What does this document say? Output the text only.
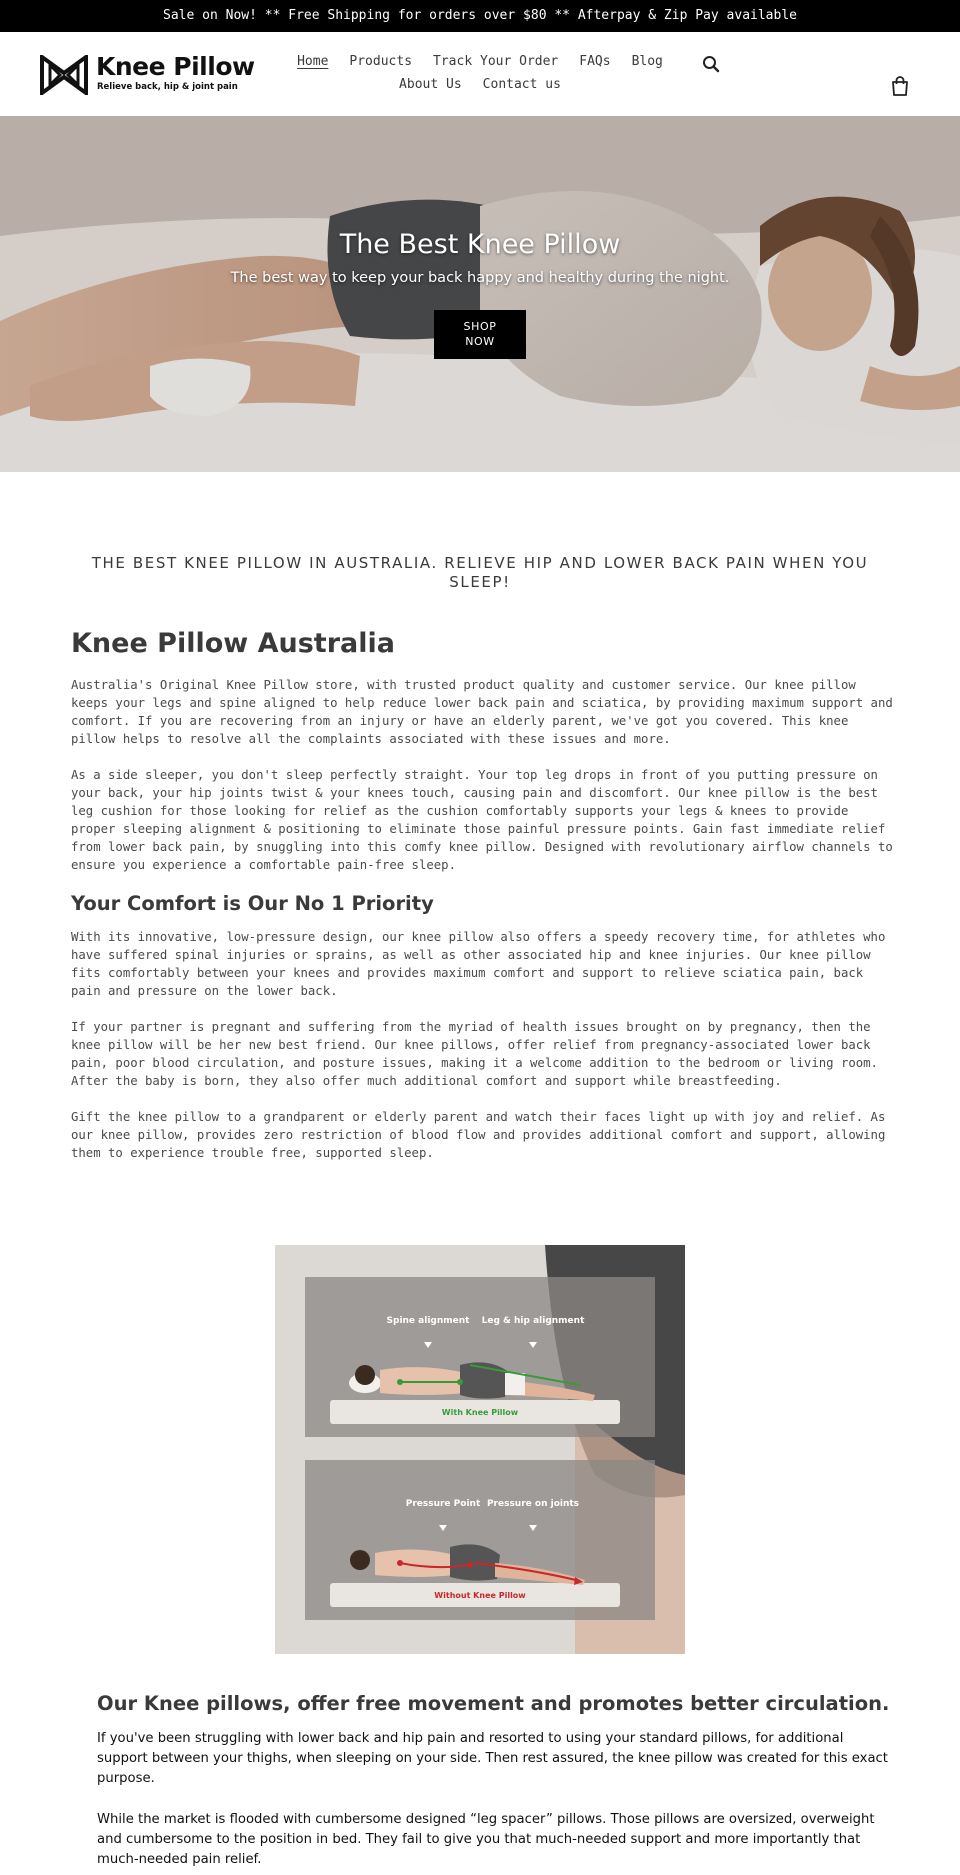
Sale on Now! ** Free Shipping for orders over $80 ** Afterpay & Zip Pay available
Knee Pillow
Relieve back, hip & joint pain
Home Products Track Your Order FAQs Blog
About Us Contact us
The Best Knee Pillow
The best way to keep your back happy and healthy during the night.
SHOP
NOW
THE BEST KNEE PILLOW IN AUSTRALIA. RELIEVE HIP AND LOWER BACK PAIN WHEN YOU SLEEP!
Knee Pillow Australia

Australia's Original Knee Pillow store, with trusted product quality and customer service. Our knee pillow keeps your legs and spine aligned to help reduce lower back pain and sciatica, by providing maximum support and comfort. If you are recovering from an injury or have an elderly parent, we've got you covered. This knee pillow helps to resolve all the complaints associated with these issues and more.

As a side sleeper, you don't sleep perfectly straight. Your top leg drops in front of you putting pressure on your back, your hip joints twist & your knees touch, causing pain and discomfort. Our knee pillow is the best leg cushion for those looking for relief as the cushion comfortably supports your legs & knees to provide proper sleeping alignment & positioning to eliminate those painful pressure points. Gain fast immediate relief from lower back pain, by snuggling into this comfy knee pillow. Designed with revolutionary airflow channels to ensure you experience a comfortable pain-free sleep.

Your Comfort is Our No 1 Priority

With its innovative, low-pressure design, our knee pillow also offers a speedy recovery time, for athletes who have suffered spinal injuries or sprains, as well as other associated hip and knee injuries. Our knee pillow fits comfortably between your knees and provides maximum comfort and support to relieve sciatica pain, back pain and pressure on the lower back.

If your partner is pregnant and suffering from the myriad of health issues brought on by pregnancy, then the knee pillow will be her new best friend. Our knee pillows, offer relief from pregnancy-associated lower back pain, poor blood circulation, and posture issues, making it a welcome addition to the bedroom or living room. After the baby is born, they also offer much additional comfort and support while breastfeeding.

Gift the knee pillow to a grandparent or elderly parent and watch their faces light up with joy and relief. As our knee pillow, provides zero restriction of blood flow and provides additional comfort and support, allowing them to experience trouble free, supported sleep.

Spine alignment Leg & hip alignment
With Knee Pillow
Pressure Point Pressure on joints
Without Knee Pillow
Our Knee pillows, offer free movement and promotes better circulation.

If you've been struggling with lower back and hip pain and resorted to using your standard pillows, for additional support between your thighs, when sleeping on your side. Then rest assured, the knee pillow was created for this exact purpose.

While the market is flooded with cumbersome designed “leg spacer” pillows. Those pillows are oversized, overweight and cumbersome to the position in bed. They fail to give you that much-needed support and more importantly that much-needed pain relief.
